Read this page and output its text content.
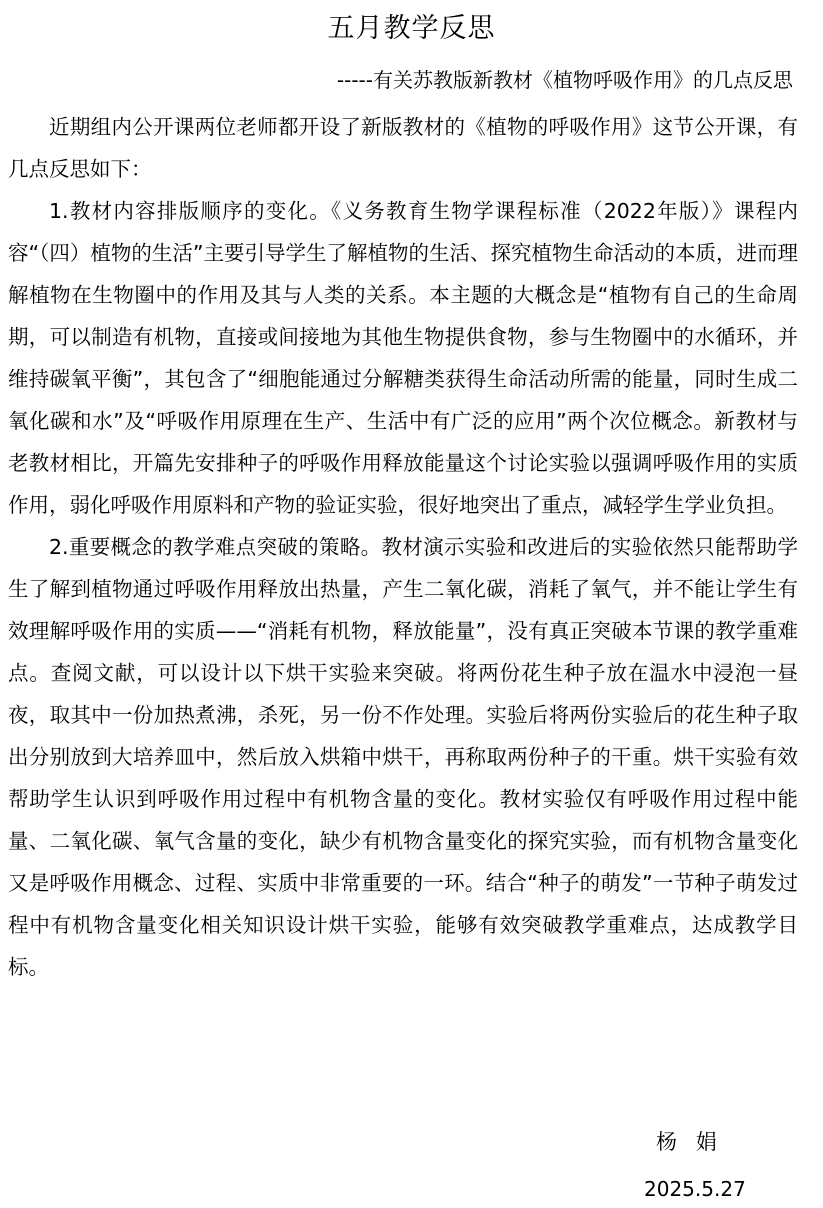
五月教学反思
-----有关苏教版新教材《植物呼吸作用》的几点反思

近期组内公开课两位老师都开设了新版教材的《植物的呼吸作用》这节公开课，有几点反思如下：

1.教材内容排版顺序的变化。《义务教育生物学课程标准（2022年版）》课程内容“（四）植物的生活”主要引导学生了解植物的生活、探究植物生命活动的本质，进而理解植物在生物圈中的作用及其与人类的关系。本主题的大概念是“植物有自己的生命周期，可以制造有机物，直接或间接地为其他生物提供食物，参与生物圈中的水循环，并维持碳氧平衡”，其包含了“细胞能通过分解糖类获得生命活动所需的能量，同时生成二氧化碳和水”及“呼吸作用原理在生产、生活中有广泛的应用”两个次位概念。新教材与老教材相比，开篇先安排种子的呼吸作用释放能量这个讨论实验以强调呼吸作用的实质作用，弱化呼吸作用原料和产物的验证实验，很好地突出了重点，减轻学生学业负担。

2.重要概念的教学难点突破的策略。教材演示实验和改进后的实验依然只能帮助学生了解到植物通过呼吸作用释放出热量，产生二氧化碳，消耗了氧气，并不能让学生有效理解呼吸作用的实质——“消耗有机物，释放能量”，没有真正突破本节课的教学重难点。查阅文献，可以设计以下烘干实验来突破。将两份花生种子放在温水中浸泡一昼夜，取其中一份加热煮沸，杀死，另一份不作处理。实验后将两份实验后的花生种子取出分别放到大培养皿中，然后放入烘箱中烘干，再称取两份种子的干重。烘干实验有效帮助学生认识到呼吸作用过程中有机物含量的变化。教材实验仅有呼吸作用过程中能量、二氧化碳、氧气含量的变化，缺少有机物含量变化的探究实验，而有机物含量变化又是呼吸作用概念、过程、实质中非常重要的一环。结合“种子的萌发”一节种子萌发过程中有机物含量变化相关知识设计烘干实验，能够有效突破教学重难点，达成教学目标。

杨娟
2025.5.27
